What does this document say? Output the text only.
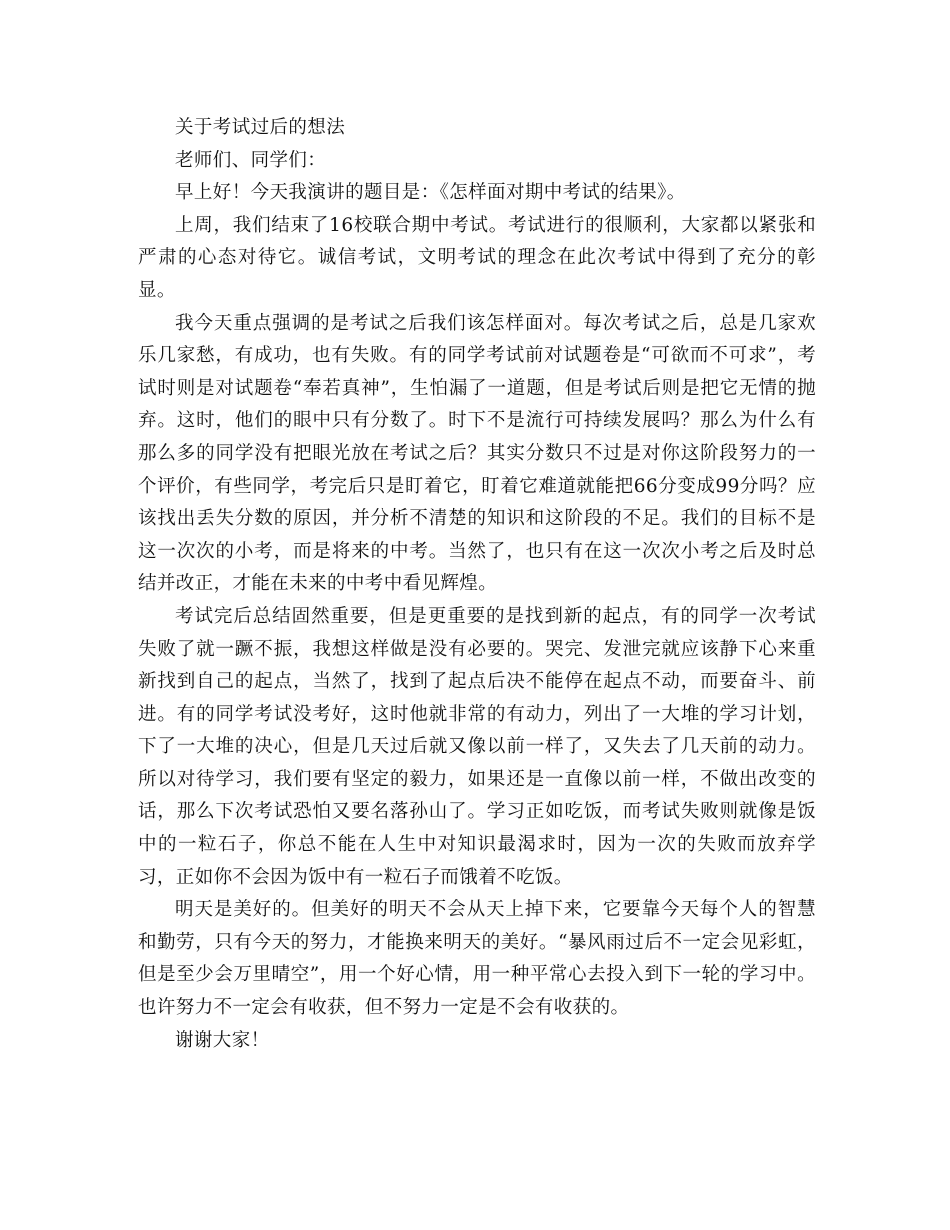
关于考试过后的想法

老师们、同学们：

早上好！今天我演讲的题目是：《怎样面对期中考试的结果》。

上周，我们结束了16校联合期中考试。考试进行的很顺利，大家都以紧张和严肃的心态对待它。诚信考试，文明考试的理念在此次考试中得到了充分的彰显。

我今天重点强调的是考试之后我们该怎样面对。每次考试之后，总是几家欢乐几家愁，有成功，也有失败。有的同学考试前对试题卷是“可欲而不可求”，考试时则是对试题卷“奉若真神”，生怕漏了一道题，但是考试后则是把它无情的抛弃。这时，他们的眼中只有分数了。时下不是流行可持续发展吗？那么为什么有那么多的同学没有把眼光放在考试之后？其实分数只不过是对你这阶段努力的一个评价，有些同学，考完后只是盯着它，盯着它难道就能把66分变成99分吗？应该找出丢失分数的原因，并分析不清楚的知识和这阶段的不足。我们的目标不是这一次次的小考，而是将来的中考。当然了，也只有在这一次次小考之后及时总结并改正，才能在未来的中考中看见辉煌。

考试完后总结固然重要，但是更重要的是找到新的起点，有的同学一次考试失败了就一蹶不振，我想这样做是没有必要的。哭完、发泄完就应该静下心来重新找到自己的起点，当然了，找到了起点后决不能停在起点不动，而要奋斗、前进。有的同学考试没考好，这时他就非常的有动力，列出了一大堆的学习计划，下了一大堆的决心，但是几天过后就又像以前一样了，又失去了几天前的动力。所以对待学习，我们要有坚定的毅力，如果还是一直像以前一样，不做出改变的话，那么下次考试恐怕又要名落孙山了。学习正如吃饭，而考试失败则就像是饭中的一粒石子，你总不能在人生中对知识最渴求时，因为一次的失败而放弃学习，正如你不会因为饭中有一粒石子而饿着不吃饭。

明天是美好的。但美好的明天不会从天上掉下来，它要靠今天每个人的智慧和勤劳，只有今天的努力，才能换来明天的美好。“暴风雨过后不一定会见彩虹，但是至少会万里晴空”，用一个好心情，用一种平常心去投入到下一轮的学习中。也许努力不一定会有收获，但不努力一定是不会有收获的。

谢谢大家！
